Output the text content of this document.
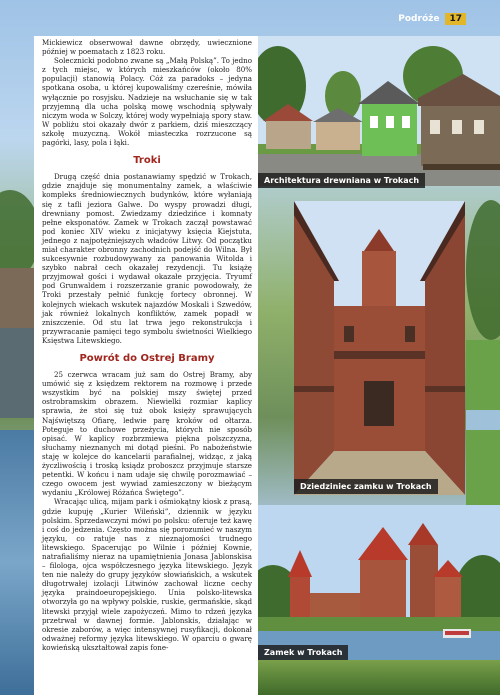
Podróże	17

Mickiewicz obserwował dawne obrzędy, uwiecznione później w poematach z 1823 roku.

Solecznicki podobno zwane są „Małą Polską”. To jedno z tych miejsc, w których mieszkańców (około 80% populacji) stanowią Polacy. Cóż za paradoks – jedyna spotkana osoba, u której kupowaliśmy czereśnie, mówiła wyłącznie po rosyjsku. Nadzieje na wsłuchanie się w tak przyjemną dla ucha polską mowę wschodnią spływały niczym woda w Solczy, której wody wypełniają spory staw. W pobliżu stoi okazały dwór z parkiem, dziś mieszczący szkołę muzyczną. Wokół miasteczka rozrzucone są pagórki, lasy, pola i łąki.

Troki

Drugą część dnia postanawiamy spędzić w Trokach, gdzie znajduje się monumentalny zamek, a właściwie kompleks średniowiecznych budynków, które wyłaniają się z tafli jeziora Galwe. Do wyspy prowadzi długi, drewniany pomost. Zwiedzamy dziedzińce i komnaty pełne eksponatów. Zamek w Trokach zaczął powstawać pod koniec XIV wieku z inicjatywy księcia Kiejstuta, jednego z najpotężniejszych władców Litwy. Od początku miał charakter obronny zachodnich podejść do Wilna. Był sukcesywnie rozbudowywany za panowania Witolda i szybko nabrał cech okazałej rezydencji. Tu książę przyjmował gości i wydawał okazałe przyjęcia. Tryumf pod Grunwaldem i rozszerzanie granic powodowały, że Troki przestały pełnić funkcję fortecy obronnej. W kolejnych wiekach wskutek najazdów Moskali i Szwedów, jak również lokalnych konfliktów, zamek popadł w zniszczenie. Od stu lat trwa jego rekonstrukcja i przywracanie pamięci tego symbolu świetności Wielkiego Księstwa Litewskiego.

Powrót do Ostrej Bramy

25 czerwca wracam już sam do Ostrej Bramy, aby umówić się z księdzem rektorem na rozmowę i przede wszystkim być na polskiej mszy świętej przed ostrobramskim obrazem. Niewielki rozmiar kaplicy sprawia, że stoi się tuż obok księży sprawujących Najświętszą Ofiarę, ledwie parę kroków od ołtarza. Poteguje to duchowe przeżycia, których nie sposób opisać. W kaplicy rozbrzmiewa piękna polszczyzna, słuchamy nieznanych mi dotąd pieśni. Po nabożeństwie staję w kolejce do kancelarii parafialnej, widząc, z jaką życzliwością i troską ksiądz proboszcz przyjmuje starsze petentki. W końcu i nam udaje się chwilę porozmawiać – czego owocem jest wywiad zamieszczony w bieżącym wydaniu „Królowej Różańca Świętego”.

Wracając ulicą, mijam park i ośmiokątny kiosk z prasą, gdzie kupuję „Kurier Wileński”, dziennik w języku polskim. Sprzedawczyni mówi po polsku: oferuje też kawę i coś do jedzenia. Często można się porozumieć w naszym języku, co ratuje nas z nieznajomości trudnego litewskiego. Spacerując po Wilnie i później Kownie, natrafialiśmy nieraz na upamiętnienia Jonasa Jablonskisa – filologa, ojca współczesnego języka litewskiego. Język ten nie należy do grupy języków słowiańskich, a wskutek długotrwałej izolacji Litwinów zachował liczne cechy języka praindoeuropejskiego. Unia polsko-litewska otworzyła go na wpływy polskie, ruskie, germańskie, skąd litewski przyjął wiele zapożyczeń. Mimo to rdzeń języka przetrwał w dawnej formie. Jablonskis, działając w okresie zaborów, a więc intensywnej rusyfikacji, dokonał odważnej reformy języka litewskiego. W oparciu o gwarę kowieńską ukształtował zapis fone-

Architektura drewniana w Trokach
Dziedziniec zamku w Trokach
Zamek w Trokach
